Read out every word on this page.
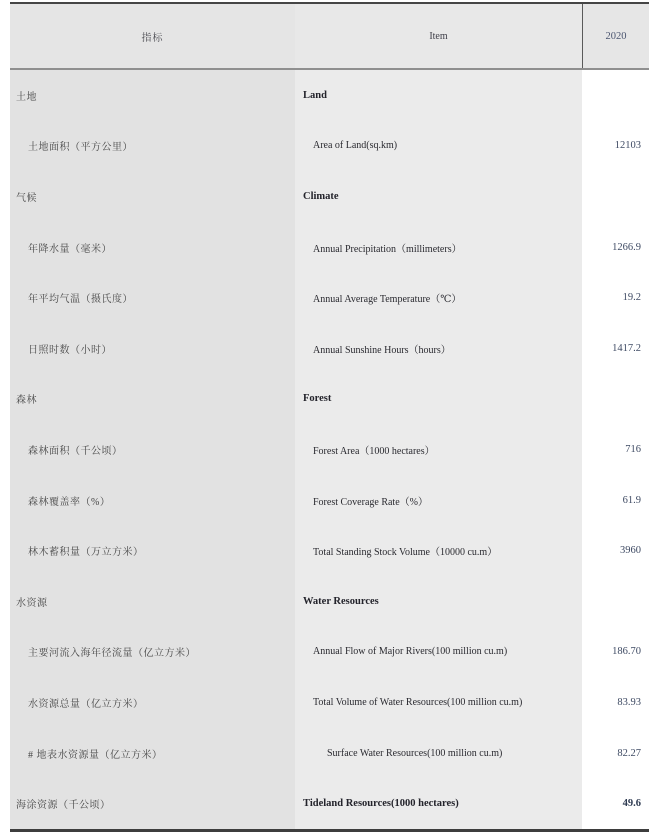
指标	Item	2020
土地	Land
土地面积（平方公里）	Area of Land(sq.km)	12103
气候	Climate
年降水量（毫米）	Annual Precipitation（millimeters）	1266.9
年平均气温（摄氏度）	Annual Average Temperature（℃）	19.2
日照时数（小时）	Annual Sunshine Hours（hours）	1417.2
森林	Forest
森林面积（千公顷）	Forest Area（1000 hectares）	716
森林覆盖率（%）	Forest Coverage Rate（%）	61.9
林木蓄积量（万立方米）	Total Standing Stock Volume（10000 cu.m）	3960
水资源	Water Resources
主要河流入海年径流量（亿立方米）	Annual Flow of Major Rivers(100 million cu.m)	186.70
水资源总量（亿立方米）	Total Volume of Water Resources(100 million cu.m)	83.93
# 地表水资源量（亿立方米）	Surface Water Resources(100 million cu.m)	82.27
海涂资源（千公顷）	Tideland Resources(1000 hectares)	49.6
